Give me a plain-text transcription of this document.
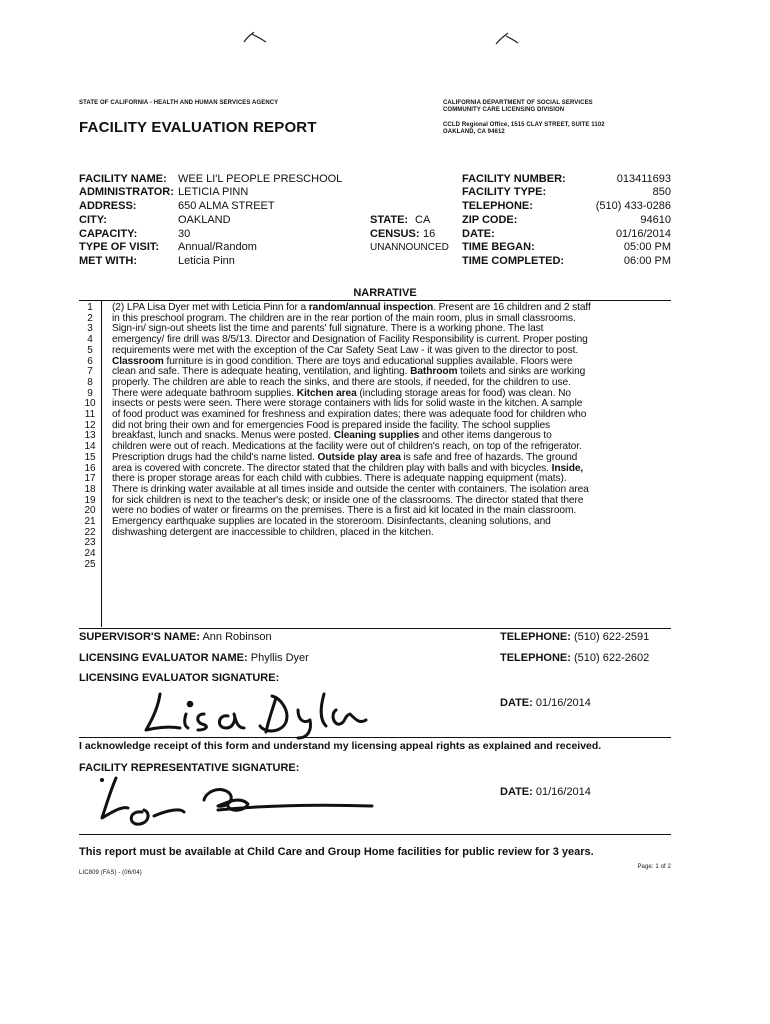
STATE OF CALIFORNIA - HEALTH AND HUMAN SERVICES AGENCY
FACILITY EVALUATION REPORT
CALIFORNIA DEPARTMENT OF SOCIAL SERVICES
COMMUNITY CARE LICENSING DIVISION
CCLD Regional Office, 1515 CLAY STREET, SUITE 1102
OAKLAND, CA 94612
FACILITY NAME: WEE LI'L PEOPLE PRESCHOOL
ADMINISTRATOR: LETICIA PINN
ADDRESS:	650 ALMA STREET
CITY:	OAKLAND
CAPACITY:	30
TYPE OF VISIT: Annual/Random
MET WITH:	Leticia Pinn
STATE: CA
CENSUS: 16
UNANNOUNCED
FACILITY NUMBER:	013411693
FACILITY TYPE:	850
TELEPHONE:	(510) 433-0286
ZIP CODE:	94610
DATE:	01/16/2014
TIME BEGAN:	05:00 PM
TIME COMPLETED:	06:00 PM
NARRATIVE
1
2
3
4
5
6
7
8
9
10
11
12
13
14
15
16
17
18
19
20
21
22
23
24
25
(2) LPA Lisa Dyer met with Leticia Pinn for a random/annual inspection. Present are 16 children and 2 staff
in this preschool program. The children are in the rear portion of the main room, plus in small classrooms.
Sign-in/ sign-out sheets list the time and parents' full signature. There is a working phone. The last
emergency/ fire drill was 8/5/13. Director and Designation of Facility Responsibility is current. Proper posting
requirements were met with the exception of the Car Safety Seat Law - it was given to the director to post.
Classroom furniture is in good condition. There are toys and educational supplies available. Floors were
clean and safe. There is adequate heating, ventilation, and lighting. Bathroom toilets and sinks are working
properly. The children are able to reach the sinks, and there are stools, if needed, for the children to use.
There were adequate bathroom supplies. Kitchen area (including storage areas for food) was clean. No
insects or pests were seen. There were storage containers with lids for solid waste in the kitchen. A sample
of food product was examined for freshness and expiration dates; there was adequate food for children who
did not bring their own and for emergencies Food is prepared inside the facility. The school supplies
breakfast, lunch and snacks. Menus were posted. Cleaning supplies and other items dangerous to
children were out of reach. Medications at the facility were out of children's reach, on top of the refrigerator.
Prescription drugs had the child's name listed. Outside play area is safe and free of hazards. The ground
area is covered with concrete. The director stated that the children play with balls and with bicycles. Inside,
there is proper storage areas for each child with cubbies. There is adequate napping equipment (mats).
There is drinking water available at all times inside and outside the center with containers. The isolation area
for sick children is next to the teacher's desk; or inside one of the classrooms. The director stated that there
were no bodies of water or firearms on the premises. There is a first aid kit located in the main classroom.
Emergency earthquake supplies are located in the storeroom. Disinfectants, cleaning solutions, and
dishwashing detergent are inaccessible to children, placed in the kitchen.
SUPERVISOR'S NAME: Ann Robinson	TELEPHONE: (510) 622-2591
LICENSING EVALUATOR NAME: Phyllis Dyer	TELEPHONE: (510) 622-2602
LICENSING EVALUATOR SIGNATURE:
DATE: 01/16/2014
I acknowledge receipt of this form and understand my licensing appeal rights as explained and received.
FACILITY REPRESENTATIVE SIGNATURE:
DATE: 01/16/2014
This report must be available at Child Care and Group Home facilities for public review for 3 years.
LIC809 (FAS) - (06/04)
Page: 1 of 2
